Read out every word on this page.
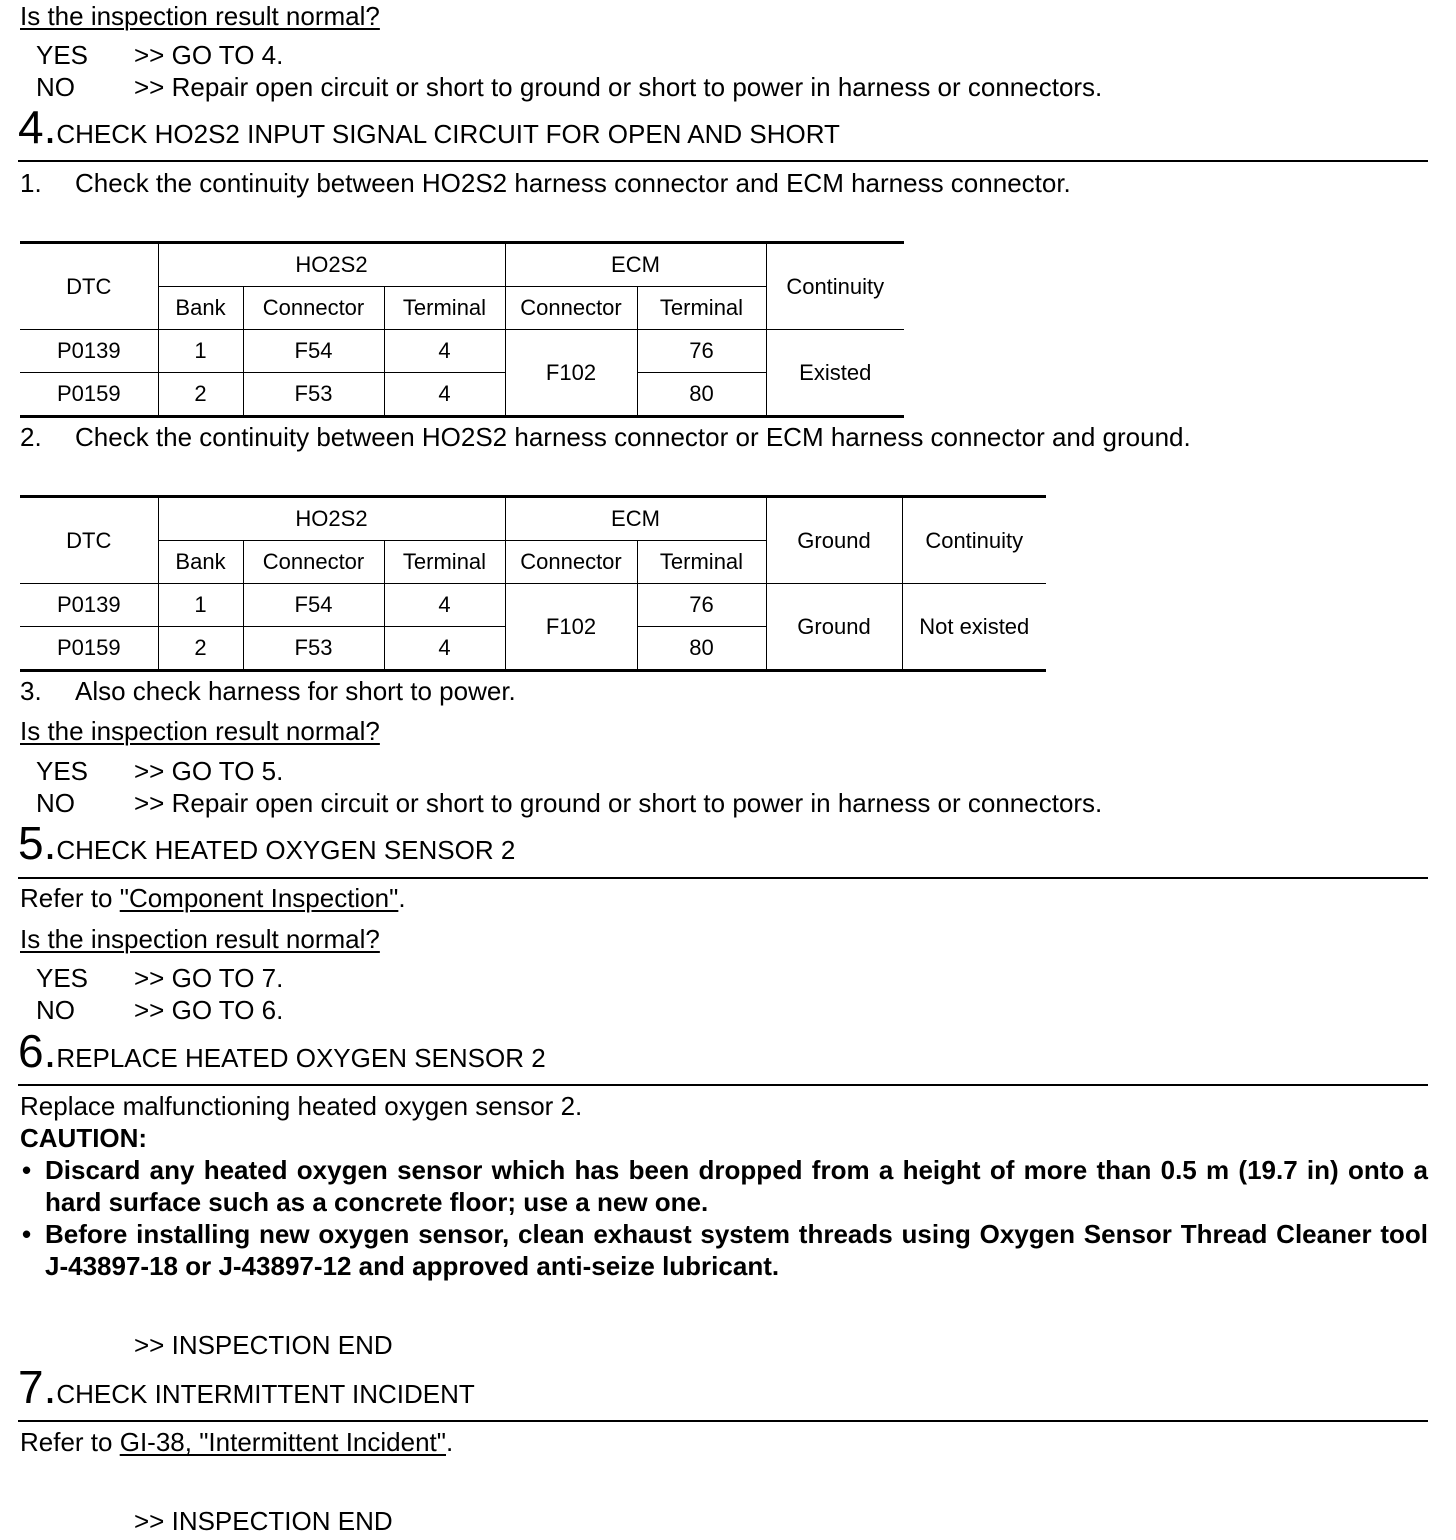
Is the inspection result normal?
YES >> GO TO 4.
NO >> Repair open circuit or short to ground or short to power in harness or connectors.
4.CHECK HO2S2 INPUT SIGNAL CIRCUIT FOR OPEN AND SHORT
1. Check the continuity between HO2S2 harness connector and ECM harness connector.
DTC	HO2S2			ECM		Continuity
	Bank	Connector	Terminal	Connector	Terminal	
P0139	1	F54	4	F102	76	Existed
P0159	2	F53	4		80	
2. Check the continuity between HO2S2 harness connector or ECM harness connector and ground.
DTC	HO2S2			ECM		Ground	Continuity
	Bank	Connector	Terminal	Connector	Terminal		
P0139	1	F54	4	F102	76	Ground	Not existed
P0159	2	F53	4		80		
3. Also check harness for short to power.
Is the inspection result normal?
YES >> GO TO 5.
NO >> Repair open circuit or short to ground or short to power in harness or connectors.
5.CHECK HEATED OXYGEN SENSOR 2
Refer to "Component Inspection".
Is the inspection result normal?
YES >> GO TO 7.
NO >> GO TO 6.
6.REPLACE HEATED OXYGEN SENSOR 2
Replace malfunctioning heated oxygen sensor 2.
CAUTION:
• Discard any heated oxygen sensor which has been dropped from a height of more than 0.5 m (19.7 in) onto a hard surface such as a concrete floor; use a new one.
• Before installing new oxygen sensor, clean exhaust system threads using Oxygen Sensor Thread Cleaner tool J-43897-18 or J-43897-12 and approved anti-seize lubricant.
>> INSPECTION END
7.CHECK INTERMITTENT INCIDENT
Refer to GI-38, "Intermittent Incident".
>> INSPECTION END
